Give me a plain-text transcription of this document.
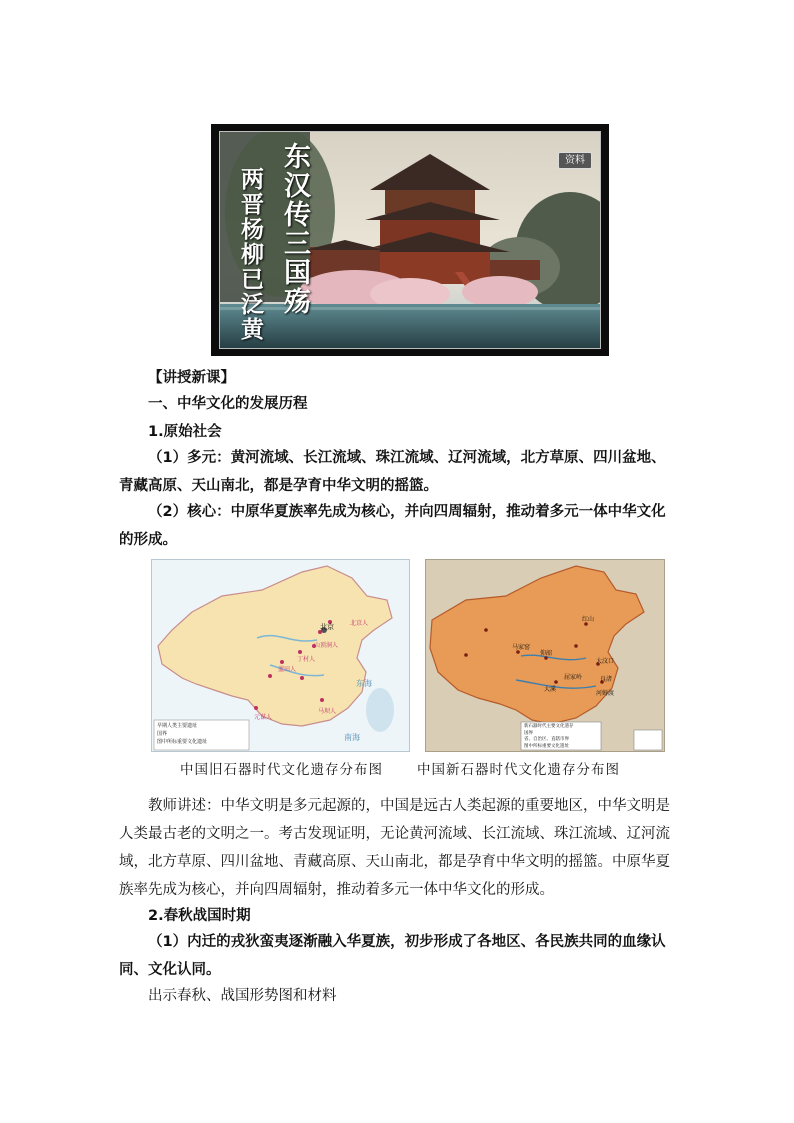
资料
东汉传三国殇
两晋杨柳已泛黄
【讲授新课】
一、中华文化的发展历程
1.原始社会
（1）多元：黄河流域、长江流域、珠江流域、辽河流域，北方草原、四川盆地、青藏高原、天山南北，都是孕育中华文明的摇篮。
（2）核心：中原华夏族率先成为核心，并向四周辐射，推动着多元一体中华文化的形成。
北京	北京人
山顶洞人
丁村人
蓝田人
元谋人
马坝人
东海
南海
早期人类主要遗址
国界
图中所标重要文化遗址
中国旧石器时代文化遗存分布图
红山
大汶口
仰韶
良渚
河姆渡
大溪
屈家岭
马家窑
新石器时代主要文化遗存
国界
省、自治区、直辖市界
图中所标重要文化遗址
中国新石器时代文化遗存分布图
教师讲述：中华文明是多元起源的，中国是远古人类起源的重要地区，中华文明是人类最古老的文明之一。考古发现证明，无论黄河流域、长江流域、珠江流域、辽河流域，北方草原、四川盆地、青藏高原、天山南北，都是孕育中华文明的摇篮。中原华夏族率先成为核心，并向四周辐射，推动着多元一体中华文化的形成。
2.春秋战国时期
（1）内迁的戎狄蛮夷逐渐融入华夏族，初步形成了各地区、各民族共同的血缘认同、文化认同。
出示春秋、战国形势图和材料
